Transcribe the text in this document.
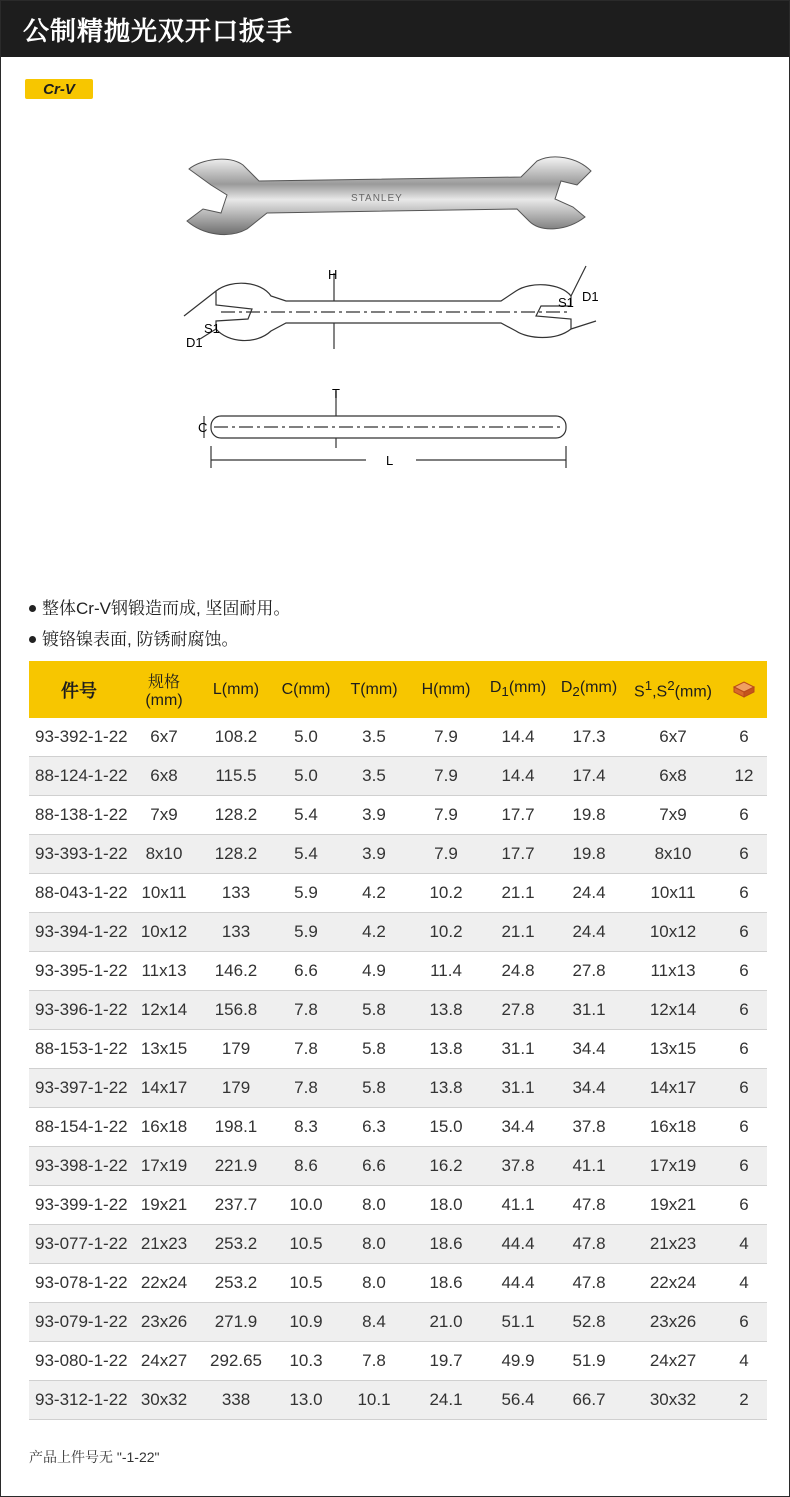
公制精抛光双开口扳手
Cr-V
STANLEY
H
S1
D1
S1 D1
T
C
L
整体Cr-V钢锻造而成, 坚固耐用。
镀铬镍表面, 防锈耐腐蚀。
件号	规格
(mm)	L(mm)	C(mm)	T(mm)	H(mm)	$D_1(mm)$	$D_2(mm)$	$S^1,S^2(mm)$	
93-392-1-22	6x7	108.2	5.0	3.5	7.9	14.4	17.3	6x7	6
88-124-1-22	6x8	115.5	5.0	3.5	7.9	14.4	17.4	6x8	12
88-138-1-22	7x9	128.2	5.4	3.9	7.9	17.7	19.8	7x9	6
93-393-1-22	8x10	128.2	5.4	3.9	7.9	17.7	19.8	8x10	6
88-043-1-22	10x11	133	5.9	4.2	10.2	21.1	24.4	10x11	6
93-394-1-22	10x12	133	5.9	4.2	10.2	21.1	24.4	10x12	6
93-395-1-22	11x13	146.2	6.6	4.9	11.4	24.8	27.8	11x13	6
93-396-1-22	12x14	156.8	7.8	5.8	13.8	27.8	31.1	12x14	6
88-153-1-22	13x15	179	7.8	5.8	13.8	31.1	34.4	13x15	6
93-397-1-22	14x17	179	7.8	5.8	13.8	31.1	34.4	14x17	6
88-154-1-22	16x18	198.1	8.3	6.3	15.0	34.4	37.8	16x18	6
93-398-1-22	17x19	221.9	8.6	6.6	16.2	37.8	41.1	17x19	6
93-399-1-22	19x21	237.7	10.0	8.0	18.0	41.1	47.8	19x21	6
93-077-1-22	21x23	253.2	10.5	8.0	18.6	44.4	47.8	21x23	4
93-078-1-22	22x24	253.2	10.5	8.0	18.6	44.4	47.8	22x24	4
93-079-1-22	23x26	271.9	10.9	8.4	21.0	51.1	52.8	23x26	6
93-080-1-22	24x27	292.65	10.3	7.8	19.7	49.9	51.9	24x27	4
93-312-1-22	30x32	338	13.0	10.1	24.1	56.4	66.7	30x32	2
产品上件号无 "-1-22"
